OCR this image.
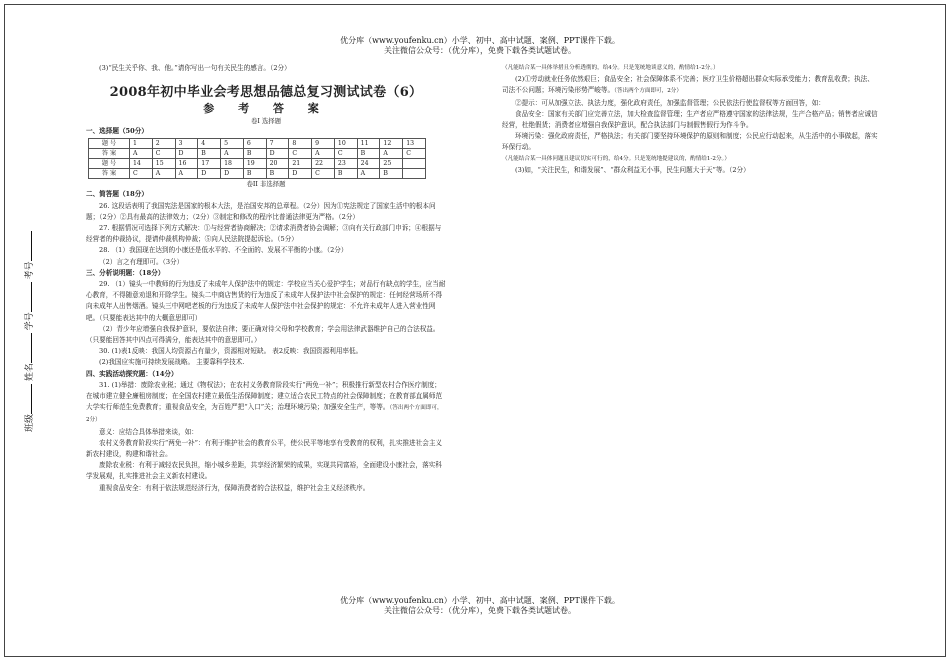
优分库（www.youfenku.cn）小学、初中、高中试题、案例、PPT课件下载。
关注微信公众号：（优分库），免费下载各类试题试卷。
班级 姓名 学号 考号

(3)“民生关乎你、我、他。”请你写出一句有关民生的感言。（2分）

2008年初中毕业会考思想品德总复习测试试卷（6）
参 考 答 案
卷I 选择题

一、选择题（50分）

题 号	1	2	3	4	5	6	7	8	9	10	11	12	13
答 案	A	C	D	B	A	B	D	C	A	C	B	A	C
题 号	14	15	16	17	18	19	20	21	22	23	24	25	
答 案	C	A	A	D	D	B	B	D	C	B	A	B	
卷II 非选择题

二、简答题（18分）

26. 这段话表明了我国宪法是国家的根本大法，是治国安邦的总章程。（2分）因为①宪法规定了国家生活中的根本问题；（2分）②具有最高的法律效力；（2分）③制定和修改的程序比普通法律更为严格。（2分）

27. 根据情况可选择下列方式解决：①与经营者协商解决；②请求消费者协会调解；③向有关行政部门申诉；④根据与经营者的仲裁协议，提请仲裁机构仲裁；⑤向人民法院提起诉讼。（5分）

28. （1）我国现在达到的小康还是低水平的、不全面的、发展不平衡的小康。（2分）

（2）言之有理即可。（3分）

三、分析说明题：（18分）

29. （1）镜头一中教师的行为违反了未成年人保护法中的规定：学校应当关心爱护学生；对品行有缺点的学生，应当耐心教育，不得随意劝退和开除学生。镜头二中商店售货的行为违反了未成年人保护法中社会保护的规定：任何经营场所不得向未成年人出售烟酒。镜头三中网吧老板的行为违反了未成年人保护法中社会保护的规定：不允许未成年人进入营业性网吧。（只要能表达其中的大概意思即可）

（2）青少年应增强自我保护意识，要依法自律；要正确对待父母和学校教育；学会用法律武器维护自己的合法权益。（只要能回答其中四点可得满分，能表达其中的意思即可。）

30. (1)表1反映：我国人均资源占有量少，资源相对短缺。 表2反映：我国资源利用率低。

(2)我国应实施可持续发展战略。 主要靠科学技术.

四、实践活动探究题：（14分）

31. (1)举措：废除农业税；通过《物权法》；在农村义务教育阶段实行“两免一补”；积极推行新型农村合作医疗制度；在城市建立健全廉租房制度；在全国农村建立最低生活保障制度；建立适合农民工特点的社会保障制度；在教育部直属师范大学实行师范生免费教育；重视食品安全，为百姓严把“入口”关；治理环境污染；加强安全生产，等等。（答出两个方面即可，2分）

意义：应结合具体举措来谈，如：

农村义务教育阶段实行“两免一补”：有利于维护社会的教育公平，使公民平等地享有受教育的权利，扎实推进社会主义新农村建设，构建和谐社会。

废除农业税：有利于减轻农民负担，缩小城乡差距，共享经济繁荣的成果，实现共同富裕，全面建设小康社会，落实科学发展观，扎实推进社会主义新农村建设。

重视食品安全：有利于依法规范经济行为，保障消费者的合法权益，维护社会主义经济秩序。

（凡能结合某一具体举措且分析透彻的，给4分。只是笼统地谈意义的，酌情给1-2分。）

(2)①劳动就业任务依然艰巨；食品安全；社会保障体系不完善；医疗卫生价格超出群众实际承受能力；教育乱收费；执法、司法不公问题；环境污染形势严峻等。（答出两个方面即可，2分）

②提示：可从加强立法、执法力度，强化政府责任，加强监督管理；公民依法行使监督权等方面回答，如：

食品安全：国家有关部门应完善立法，加大检查监督管理；生产者应严格遵守国家的法律法规，生产合格产品；销售者应诚信经营，杜绝假货；消费者应增强自我保护意识，配合执法部门与制假售假行为作斗争。

环境污染：强化政府责任，严格执法；有关部门要坚持环境保护的原则和制度；公民应行动起来，从生活中的小事做起，落实环保行动。

（凡能结合某一具体问题且建议切实可行的，给4分。只是笼统地提建议的，酌情给1-2分。）

(3)如，“关注民生，和谐发展”、“群众利益无小事，民生问题大于天”等。（2分）

优分库（www.youfenku.cn）小学、初中、高中试题、案例、PPT课件下载。
关注微信公众号：（优分库），免费下载各类试题试卷。
